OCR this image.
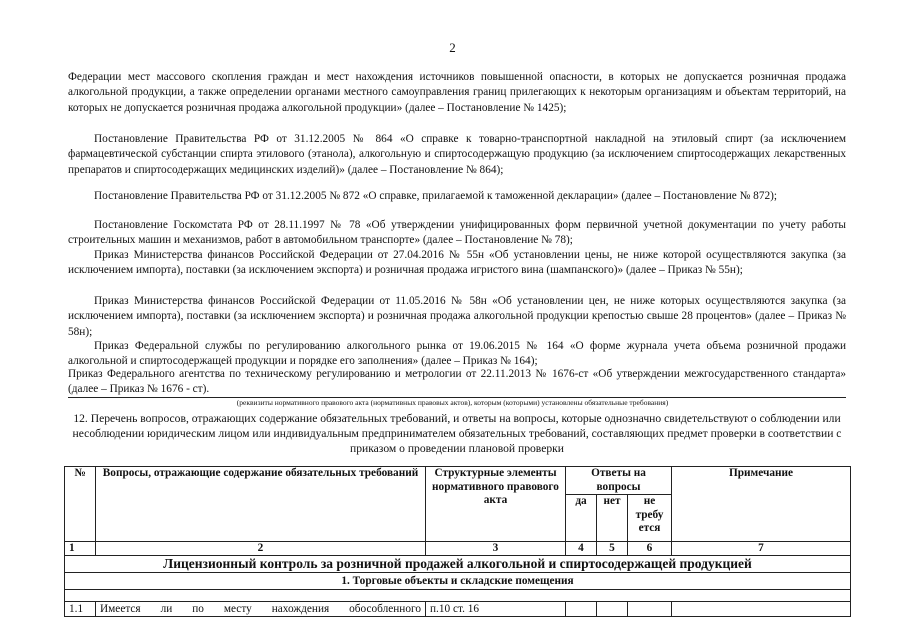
2

Федерации мест массового скопления граждан и мест нахождения источников повышенной опасности, в которых не допускается розничная продажа алкогольной продукции, а также определении органами местного самоуправления границ прилегающих к некоторым организациям и объектам территорий, на которых не допускается розничная продажа алкогольной продукции» (далее – Постановление № 1425);

Постановление Правительства РФ от 31.12.2005 № 864 «О справке к товарно-транспортной накладной на этиловый спирт (за исключением фармацевтической субстанции спирта этилового (этанола), алкогольную и спиртосодержащую продукцию (за исключением спиртосодержащих лекарственных препаратов и спиртосодержащих медицинских изделий)» (далее – Постановление № 864);

Постановление Правительства РФ от 31.12.2005 № 872 «О справке, прилагаемой к таможенной декларации» (далее – Постановление № 872);

Постановление Госкомстата РФ от 28.11.1997 № 78 «Об утверждении унифицированных форм первичной учетной документации по учету работы строительных машин и механизмов, работ в автомобильном транспорте» (далее – Постановление № 78);

Приказ Министерства финансов Российской Федерации от 27.04.2016 № 55н «Об установлении цены, не ниже которой осуществляются закупка (за исключением импорта), поставки (за исключением экспорта) и розничная продажа игристого вина (шампанского)» (далее – Приказ № 55н);

Приказ Министерства финансов Российской Федерации от 11.05.2016 № 58н «Об установлении цен, не ниже которых осуществляются закупка (за исключением импорта), поставки (за исключением экспорта) и розничная продажа алкогольной продукции крепостью свыше 28 процентов» (далее – Приказ № 58н);

Приказ Федеральной службы по регулированию алкогольного рынка от 19.06.2015 № 164 «О форме журнала учета объема розничной продажи алкогольной и спиртосодержащей продукции и порядке его заполнения» (далее – Приказ № 164);

Приказ Федерального агентства по техническому регулированию и метрологии от 22.11.2013 № 1676-ст «Об утверждении межгосударственного стандарта» (далее – Приказ № 1676 - ст).

(реквизиты нормативного правового акта (нормативных правовых актов), которым (которыми) установлены обязательные требования)

12. Перечень вопросов, отражающих содержание обязательных требований, и ответы на вопросы, которые однозначно свидетельствуют о соблюдении или несоблюдении юридическим лицом или индивидуальным предпринимателем обязательных требований, составляющих предмет проверки в соответствии с приказом о проведении плановой проверки

№	Вопросы, отражающие содержание обязательных требований	Структурные элементы нормативного правового акта	Ответы на вопросы			Примечание
			да	нет	не требу ется	
1	2	3	4	5	6	7
Лицензионный контроль за розничной продажей алкогольной и спиртосодержащей продукцией						
1. Торговые объекты и складские помещения						

1.1	Имеется ли по месту нахождения обособленного	п.10 ст. 16				
